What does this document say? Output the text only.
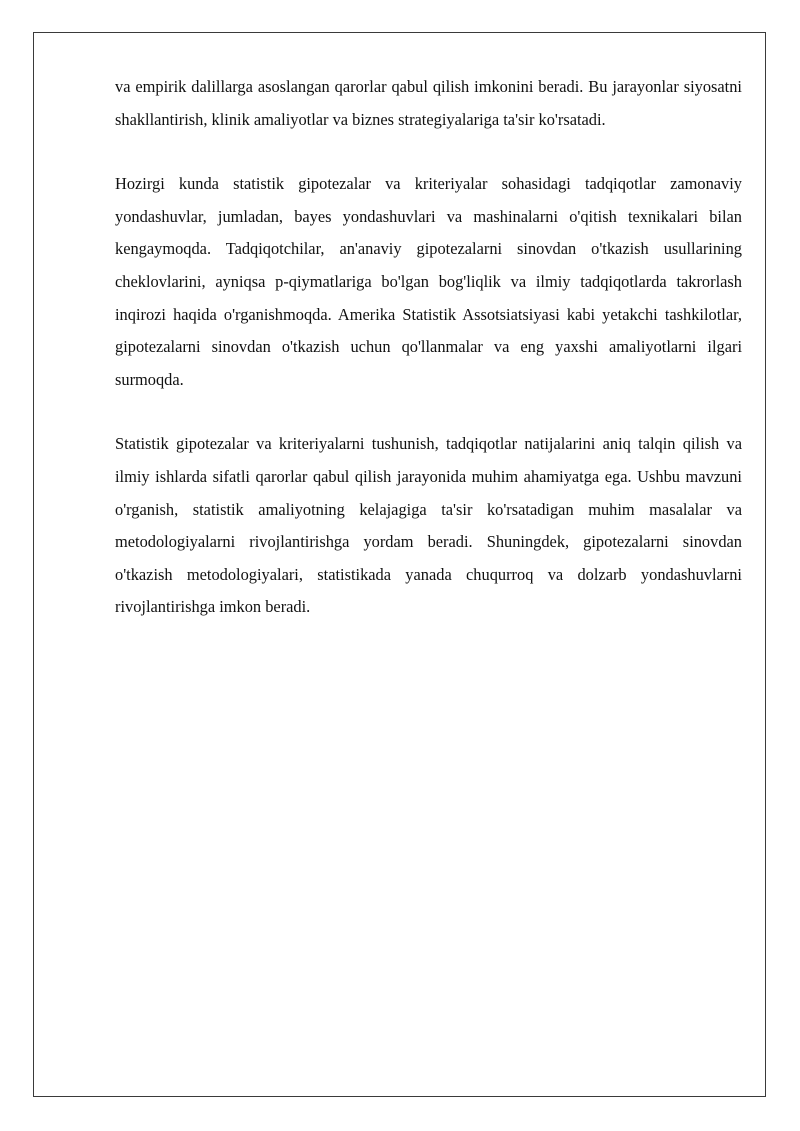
va empirik dalillarga asoslangan qarorlar qabul qilish imkonini beradi. Bu jarayonlar siyosatni shakllantirish, klinik amaliyotlar va biznes strategiyalariga ta'sir ko'rsatadi.

Hozirgi kunda statistik gipotezalar va kriteriyalar sohasidagi tadqiqotlar zamonaviy yondashuvlar, jumladan, bayes yondashuvlari va mashinalarni o'qitish texnikalari bilan kengaymoqda. Tadqiqotchilar, an'anaviy gipotezalarni sinovdan o'tkazish usullarining cheklovlarini, ayniqsa p-qiymatlariga bo'lgan bog'liqlik va ilmiy tadqiqotlarda takrorlash inqirozi haqida o'rganishmoqda. Amerika Statistik Assotsiatsiyasi kabi yetakchi tashkilotlar, gipotezalarni sinovdan o'tkazish uchun qo'llanmalar va eng yaxshi amaliyotlarni ilgari surmoqda.

Statistik gipotezalar va kriteriyalarni tushunish, tadqiqotlar natijalarini aniq talqin qilish va ilmiy ishlarda sifatli qarorlar qabul qilish jarayonida muhim ahamiyatga ega. Ushbu mavzuni o'rganish, statistik amaliyotning kelajagiga ta'sir ko'rsatadigan muhim masalalar va metodologiyalarni rivojlantirishga yordam beradi. Shuningdek, gipotezalarni sinovdan o'tkazish metodologiyalari, statistikada yanada chuqurroq va dolzarb yondashuvlarni rivojlantirishga imkon beradi.
